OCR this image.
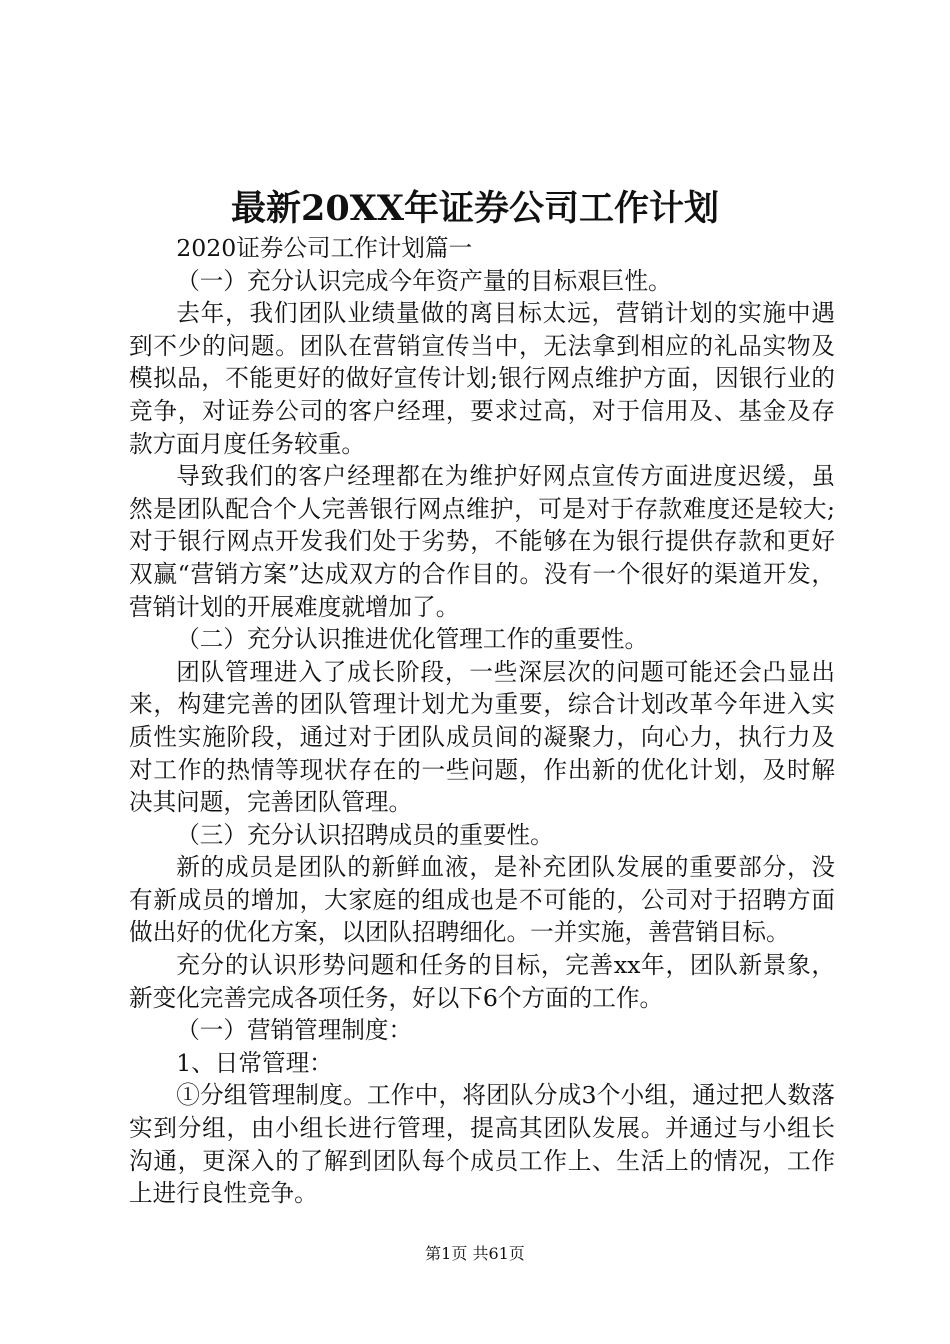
最新20XX年证券公司工作计划

2020证券公司工作计划篇一

（一）充分认识完成今年资产量的目标艰巨性。

去年，我们团队业绩量做的离目标太远，营销计划的实施中遇到不少的问题。团队在营销宣传当中，无法拿到相应的礼品实物及模拟品，不能更好的做好宣传计划;银行网点维护方面，因银行业的竞争，对证券公司的客户经理，要求过高，对于信用及、基金及存款方面月度任务较重。

导致我们的客户经理都在为维护好网点宣传方面进度迟缓，虽然是团队配合个人完善银行网点维护，可是对于存款难度还是较大;对于银行网点开发我们处于劣势，不能够在为银行提供存款和更好双赢“营销方案”达成双方的合作目的。没有一个很好的渠道开发，营销计划的开展难度就增加了。

（二）充分认识推进优化管理工作的重要性。

团队管理进入了成长阶段，一些深层次的问题可能还会凸显出来，构建完善的团队管理计划尤为重要，综合计划改革今年进入实质性实施阶段，通过对于团队成员间的凝聚力，向心力，执行力及对工作的热情等现状存在的一些问题，作出新的优化计划，及时解决其问题，完善团队管理。

（三）充分认识招聘成员的重要性。

新的成员是团队的新鲜血液，是补充团队发展的重要部分，没有新成员的增加，大家庭的组成也是不可能的，公司对于招聘方面做出好的优化方案，以团队招聘细化。一并实施，善营销目标。

充分的认识形势问题和任务的目标，完善xx年，团队新景象，新变化完善完成各项任务，好以下6个方面的工作。

（一）营销管理制度：

1、日常管理：

①分组管理制度。工作中，将团队分成3个小组，通过把人数落实到分组，由小组长进行管理，提高其团队发展。并通过与小组长沟通，更深入的了解到团队每个成员工作上、生活上的情况，工作上进行良性竞争。

第1页 共61页
